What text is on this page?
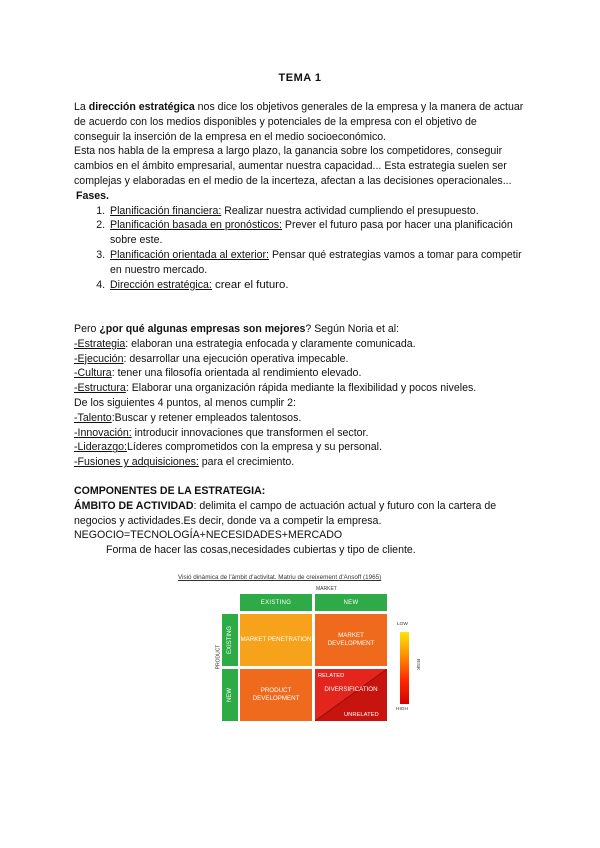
TEMA 1

La dirección estratégica nos dice los objetivos generales de la empresa y la manera de actuar de acuerdo con los medios disponibles y potenciales de la empresa con el objetivo de conseguir la inserción de la empresa en el medio socioeconómico.

Esta nos habla de la empresa a largo plazo, la ganancia sobre los competidores, conseguir cambios en el ámbito empresarial, aumentar nuestra capacidad... Esta estrategia suelen ser complejas y elaboradas en el medio de la incerteza, afectan a las decisiones operacionales...

Fases.

1. Planificación financiera: Realizar nuestra actividad cumpliendo el presupuesto.
2. Planificación basada en pronósticos: Prever el futuro pasa por hacer una planificación sobre este.
3. Planificación orientada al exterior: Pensar qué estrategias vamos a tomar para competir en nuestro mercado.
4. Dirección estratégica: crear el futuro.

Pero ¿por qué algunas empresas son mejores? Según Noria et al:

-Estrategia: elaboran una estrategia enfocada y claramente comunicada.

-Ejecución: desarrollar una ejecución operativa impecable.

-Cultura: tener una filosofía orientada al rendimiento elevado.

-Estructura: Elaborar una organización rápida mediante la flexibilidad y pocos niveles.

De los siguientes 4 puntos, al menos cumplir 2:

-Talento:Buscar y retener empleados talentosos.

-Innovación: introducir innovaciones que transformen el sector.

-Liderazgo:Líderes comprometidos con la empresa y su personal.

-Fusiones y adquisiciones: para el crecimiento.

COMPONENTES DE LA ESTRATEGIA:

ÁMBITO DE ACTIVIDAD: delimita el campo de actuación actual y futuro con la cartera de negocios y actividades.Es decir, donde va a competir la empresa.

NEGOCIO=TECNOLOGÍA+NECESIDADES+MERCADO

Forma de hacer las cosas,necesidades cubiertas y tipo de cliente.

Visió dinàmica de l'àmbit d'activitat. Matriu de creixement d'Ansoff (1965)
MARKET
EXISTING	NEW
PRODUCT
EXISTING
NEW
MARKET PENETRATION
MARKET DEVELOPMENT
PRODUCT DEVELOPMENT
RELATED
DIVERSIFICATION
UNRELATED
LOW
RISK
HIGH
